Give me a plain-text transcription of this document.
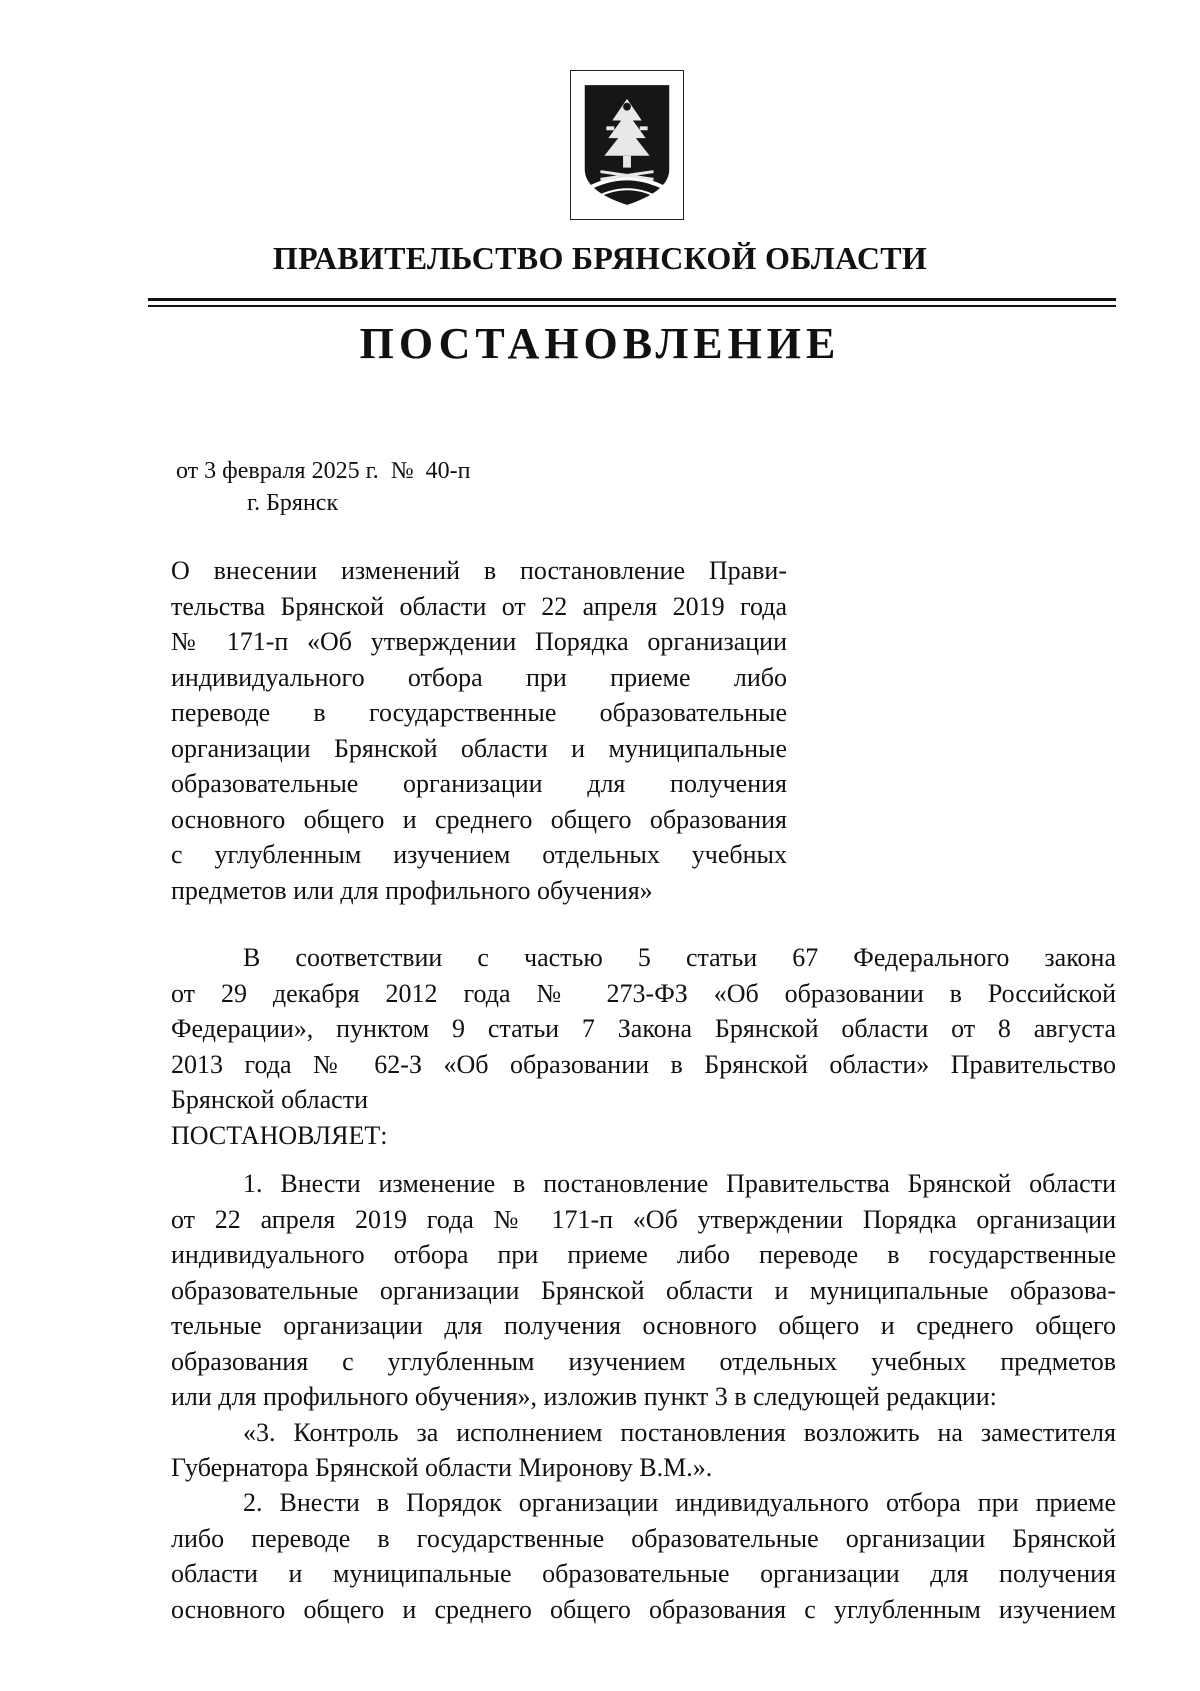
ПРАВИТЕЛЬСТВО БРЯНСКОЙ ОБЛАСТИ
ПОСТАНОВЛЕНИЕ
от 3 февраля 2025 г.  №  40-п
г. Брянск
О внесении изменений в постановление Прави-
тельства Брянской области от 22 апреля 2019 года
№ 171-п «Об утверждении Порядка организации
индивидуального отбора при приеме либо
переводе в государственные образовательные
организации Брянской области и муниципальные
образовательные организации для получения
основного общего и среднего общего образования
с углубленным изучением отдельных учебных
предметов или для профильного обучения»
В соответствии с частью 5 статьи 67 Федерального закона
от 29 декабря 2012 года № 273-ФЗ «Об образовании в Российской
Федерации», пунктом 9 статьи 7 Закона Брянской области от 8 августа
2013 года № 62-З «Об образовании в Брянской области» Правительство
Брянской области
ПОСТАНОВЛЯЕТ:
1. Внести изменение в постановление Правительства Брянской области
от 22 апреля 2019 года № 171-п «Об утверждении Порядка организации
индивидуального отбора при приеме либо переводе в государственные
образовательные организации Брянской области и муниципальные образова-
тельные организации для получения основного общего и среднего общего
образования с углубленным изучением отдельных учебных предметов
или для профильного обучения», изложив пункт 3 в следующей редакции:
«3. Контроль за исполнением постановления возложить на заместителя
Губернатора Брянской области Миронову В.М.».
2. Внести в Порядок организации индивидуального отбора при приеме
либо переводе в государственные образовательные организации Брянской
области и муниципальные образовательные организации для получения
основного общего и среднего общего образования с углубленным изучением
